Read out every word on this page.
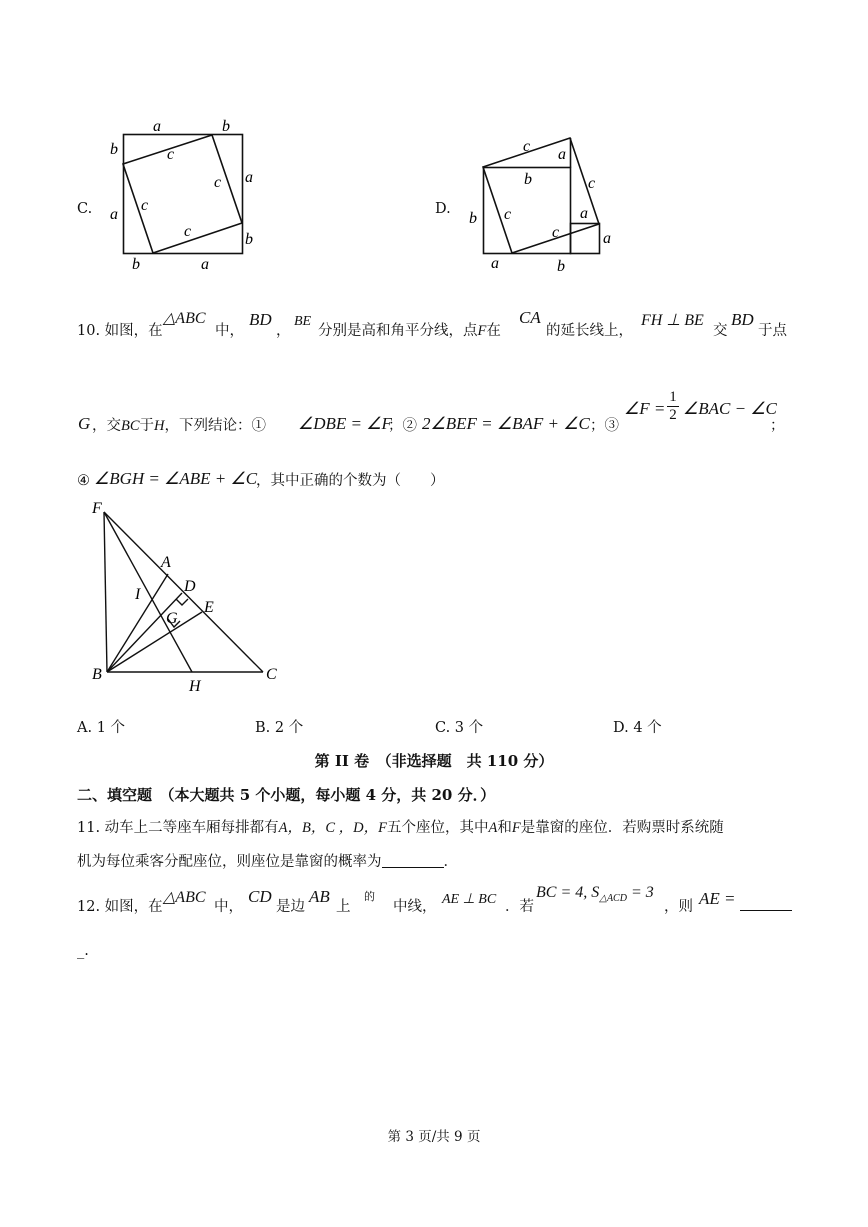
C.
a	b
b
a
a
b
b	a
c
c
c
c
D.
c a
b	c
a
a
b c
c
a	b
10. 如图，在
△ABC
中，
BD
，
BE
分别是高和角平分线，点F在
CA
的延长线上，
FH ⊥ BE
交
BD
于点
G ，交BC于H，下列结论：① ∠DBE = ∠F
；② 2∠BEF = ∠BAF + ∠C ；③
∠F =
1
2 ∠BAC − ∠C
；
④ ∠BGH = ∠ABE + ∠C
，其中正确的个数为（　　）
F
A
D
I
E
G
B
H
C
A. 1 个	B. 2 个	C. 3 个	D. 4 个
第 II 卷　（非选择题　共 110 分）
二、填空题　（本大题共 5 个小题，每小题 4 分，共 20 分．）
11. 动车上二等座车厢每排都有A，B，C ，D，F五个座位，其中A和F是靠窗的座位．若购票时系统随
机为每位乘客分配座位，则座位是靠窗的概率为	．
12. 如图，在
△ABC
中，
CD
是边
AB
上
的
中线， AE ⊥ BC ．若
BC = 4, $S_{\triangle ACD} = 3$
，则 AE =
_.
第 3 页/共 9 页
